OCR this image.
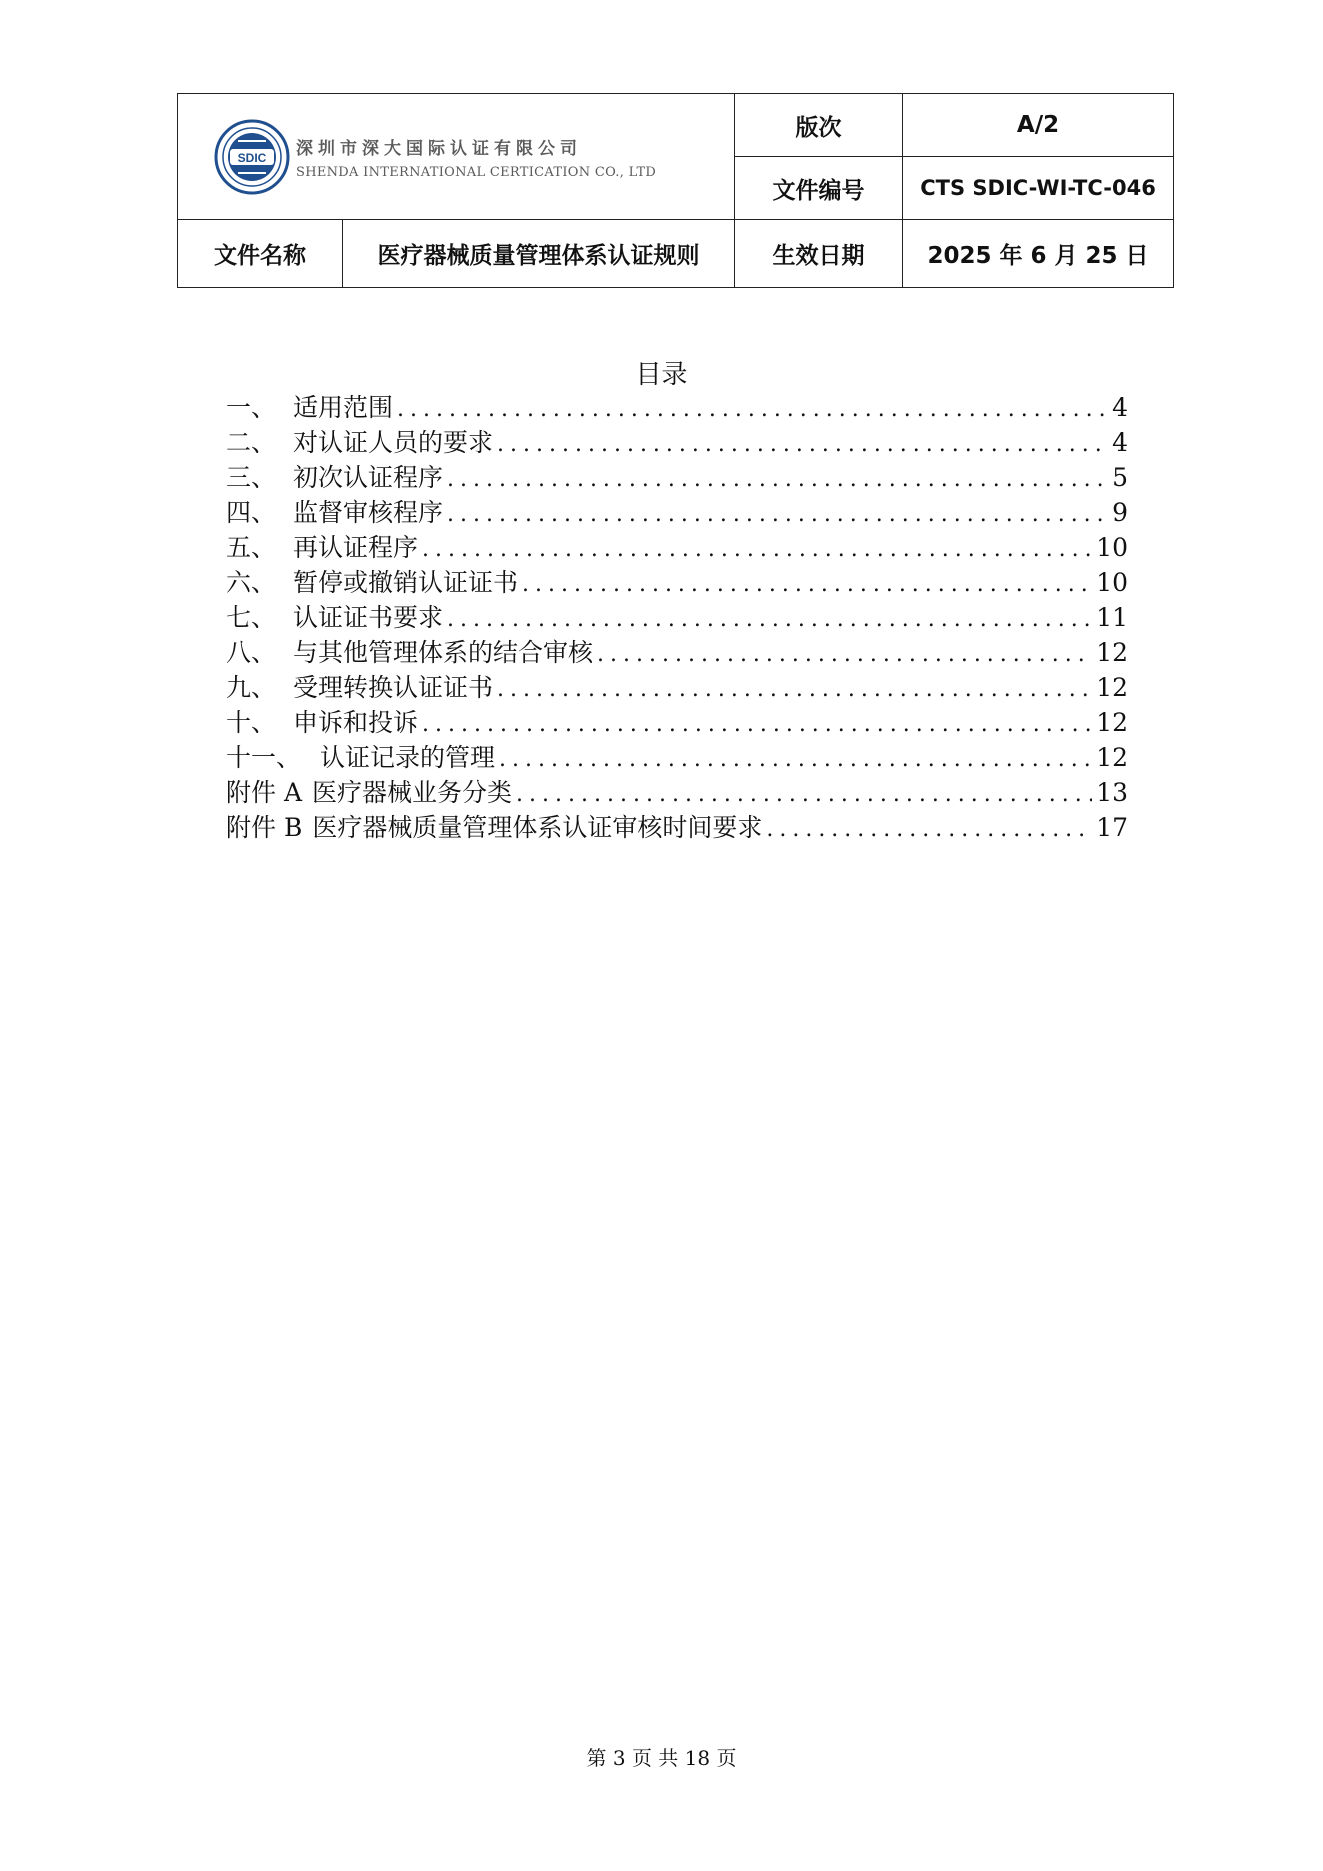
SDIC 深圳市深大国际认证有限公司
SHENDA INTERNATIONAL CERTICATION CO., LTD		版次	A/2
		文件编号	CTS SDIC-WI-TC-046
文件名称	医疗器械质量管理体系认证规则	生效日期	2025 年 6 月 25 日
目录
一、 适用范围 .....	4
二、 对认证人员的要求 .....	4
三、 初次认证程序 .....	5
四、 监督审核程序 .....	9
五、 再认证程序 .....	10
六、 暂停或撤销认证证书 .....	10
七、 认证证书要求 .....	11
八、 与其他管理体系的结合审核 .....	12
九、 受理转换认证证书 .....	12
十、 申诉和投诉 .....	12
十一、 认证记录的管理 .....	12
附件 A 医疗器械业务分类 .....	13
附件 B 医疗器械质量管理体系认证审核时间要求 .....	17
第 3 页 共 18 页
